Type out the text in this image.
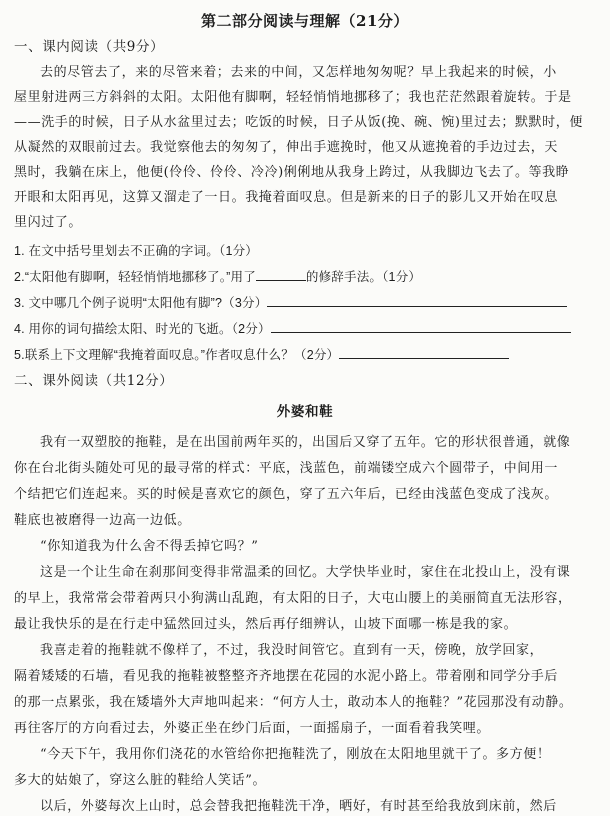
第二部分阅读与理解（21分）
一、课内阅读（共9分）
去的尽管去了，来的尽管来着；去来的中间，又怎样地匆匆呢？早上我起来的时候，小
屋里射进两三方斜斜的太阳。太阳他有脚啊，轻轻悄悄地挪移了；我也茫茫然跟着旋转。于是
——洗手的时候，日子从水盆里过去；吃饭的时候，日子从饭(挽、碗、惋)里过去；默默时，便
从凝然的双眼前过去。我觉察他去的匆匆了，伸出手遮挽时，他又从遮挽着的手边过去，天
黑时，我躺在床上，他便(伶伶、伶伶、冷冷)俐俐地从我身上跨过，从我脚边飞去了。等我睁
开眼和太阳再见，这算又溜走了一日。我掩着面叹息。但是新来的日子的影儿又开始在叹息
里闪过了。
1. 在文中括号里划去不正确的字词。（1分）
2.“太阳他有脚啊，轻轻悄悄地挪移了。”用了	的修辞手法。（1分）
3. 文中哪几个例子说明“太阳他有脚”?（3分）
4. 用你的词句描绘太阳、时光的飞逝。（2分）
5.联系上下文理解“我掩着面叹息。”作者叹息什么？（2分）
二、课外阅读（共12分）
外婆和鞋
我有一双塑胶的拖鞋，是在出国前两年买的，出国后又穿了五年。它的形状很普通，就像
你在台北街头随处可见的最寻常的样式：平底，浅蓝色，前端镂空成六个圆带子，中间用一
个结把它们连起来。买的时候是喜欢它的颜色，穿了五六年后，已经由浅蓝色变成了浅灰。
鞋底也被磨得一边高一边低。
“你知道我为什么舍不得丢掉它吗？”
这是一个让生命在刹那间变得非常温柔的回忆。大学快毕业时，家住在北投山上，没有课
的早上，我常常会带着两只小狗满山乱跑，有太阳的日子，大屯山腰上的美丽简直无法形容，
最让我快乐的是在行走中猛然回过头，然后再仔细辨认，山坡下面哪一栋是我的家。
我喜走着的拖鞋就不像样了，不过，我没时间管它。直到有一天，傍晚，放学回家，
隔着矮矮的石墙，看见我的拖鞋被整整齐齐地摆在花园的水泥小路上。带着刚和同学分手后
的那一点累张，我在矮墙外大声地叫起来：“何方人士，敢动本人的拖鞋？”花园那没有动静。
再往客厅的方向看过去，外婆正坐在纱门后面，一面摇扇子，一面看着我笑哩。
“今天下午，我用你们浇花的水管给你把拖鞋洗了，刚放在太阳地里就干了。多方便！
多大的姑娘了，穿这么脏的鞋给人笑话”。
以后，外婆每次上山时，总会替我把拖鞋洗干净，晒好，有时甚至给我放到床前，然后
